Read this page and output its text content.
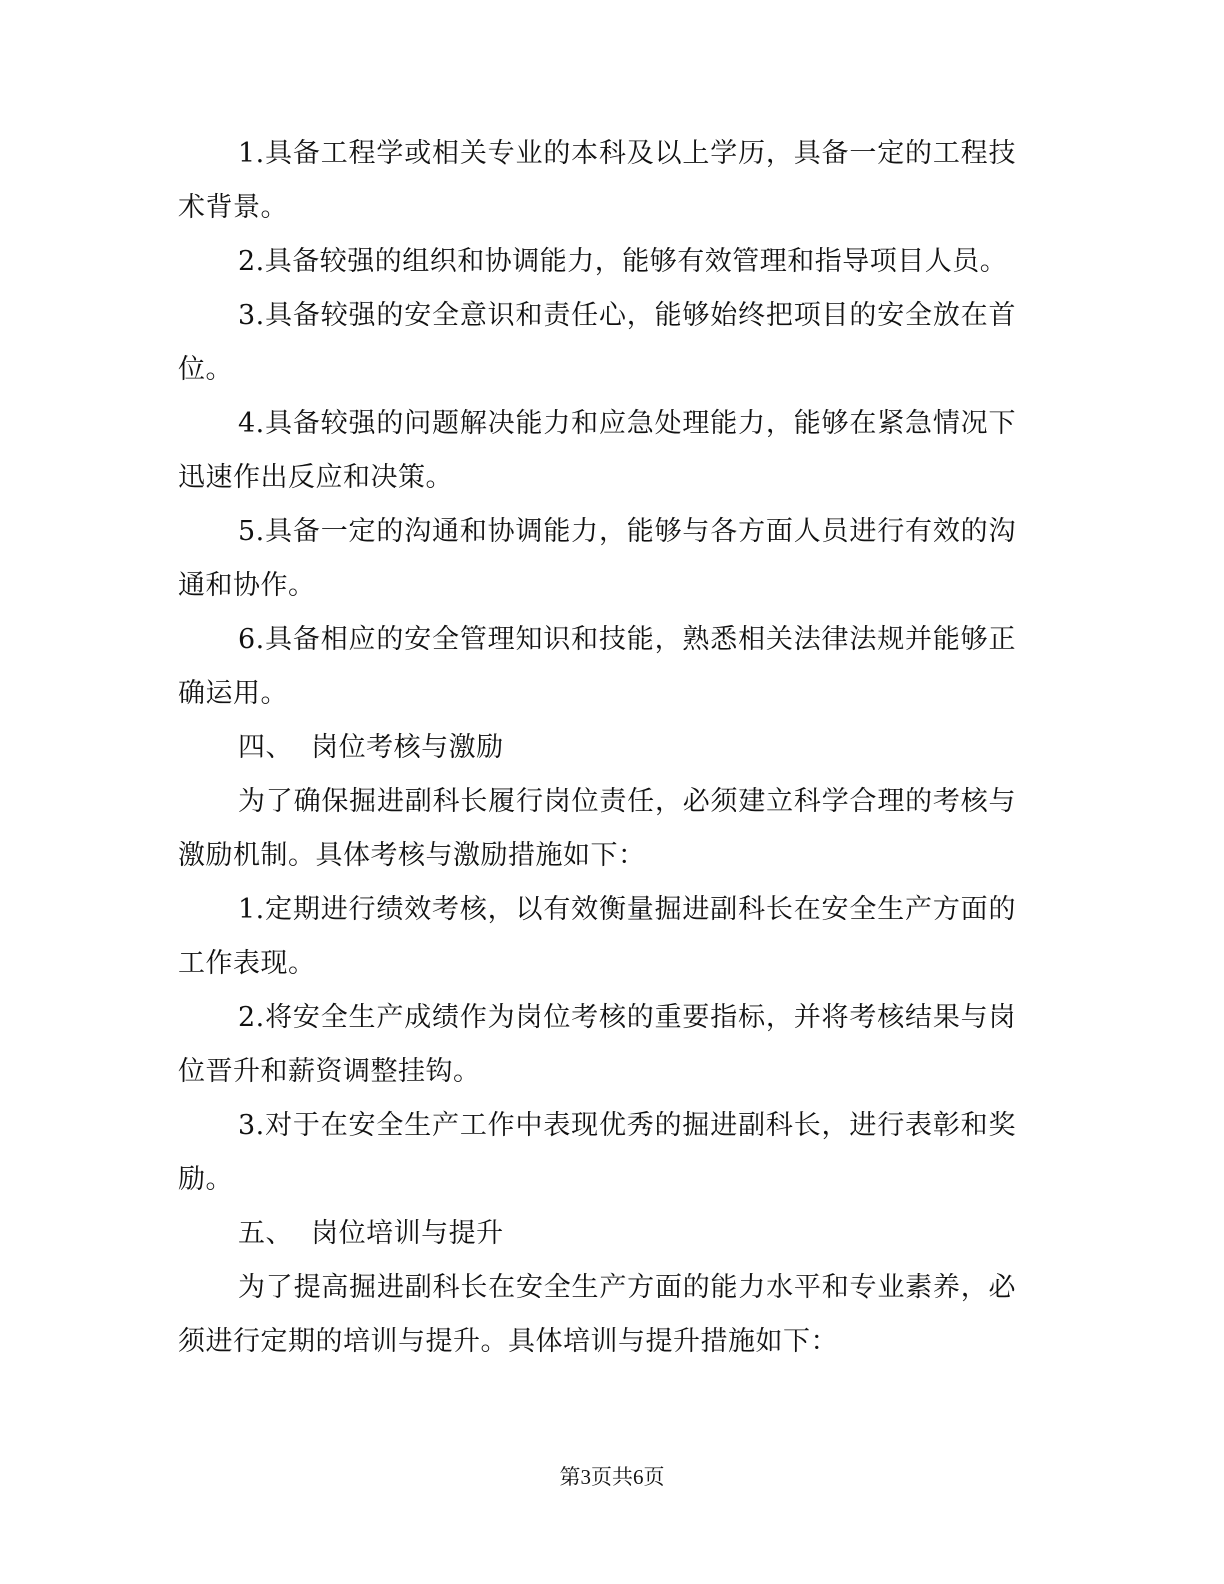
1.具备工程学或相关专业的本科及以上学历，具备一定的工程技术背景。

2.具备较强的组织和协调能力，能够有效管理和指导项目人员。

3.具备较强的安全意识和责任心，能够始终把项目的安全放在首位。

4.具备较强的问题解决能力和应急处理能力，能够在紧急情况下迅速作出反应和决策。

5.具备一定的沟通和协调能力，能够与各方面人员进行有效的沟通和协作。

6.具备相应的安全管理知识和技能，熟悉相关法律法规并能够正确运用。

四、  岗位考核与激励

为了确保掘进副科长履行岗位责任，必须建立科学合理的考核与激励机制。具体考核与激励措施如下：

1.定期进行绩效考核，以有效衡量掘进副科长在安全生产方面的工作表现。

2.将安全生产成绩作为岗位考核的重要指标，并将考核结果与岗位晋升和薪资调整挂钩。

3.对于在安全生产工作中表现优秀的掘进副科长，进行表彰和奖励。

五、  岗位培训与提升

为了提高掘进副科长在安全生产方面的能力水平和专业素养，必须进行定期的培训与提升。具体培训与提升措施如下：

第3页共6页
